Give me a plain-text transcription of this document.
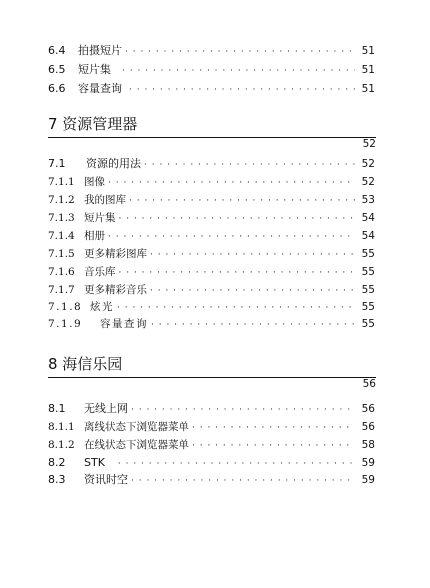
6.4	拍摄短片 · · ·	51
6.5	短片集 · · ·	51
6.6	容量查询 · · ·	51
7 资源管理器
52
7.1	资源的用法 · · ·	52
7.1.1 图像 · · ·	52
7.1.2 我的图库 · · ·	53
7.1.3 短片集 · · ·	54
7.1.4 相册 · · ·	54
7.1.5 更多精彩图库 · · ·	55
7.1.6 音乐库 · · ·	55
7.1.7 更多精彩音乐 · · ·	55
7.1.8 炫光 · · ·	55
7.1.9	容量查询 · · ·	55
8 海信乐园
56
8.1	无线上网 · · ·	56
8.1.1 离线状态下浏览器菜单 · · ·	56
8.1.2 在线状态下浏览器菜单 · · ·	58
8.2	STK · · ·	59
8.3	资讯时空 · · ·	59
